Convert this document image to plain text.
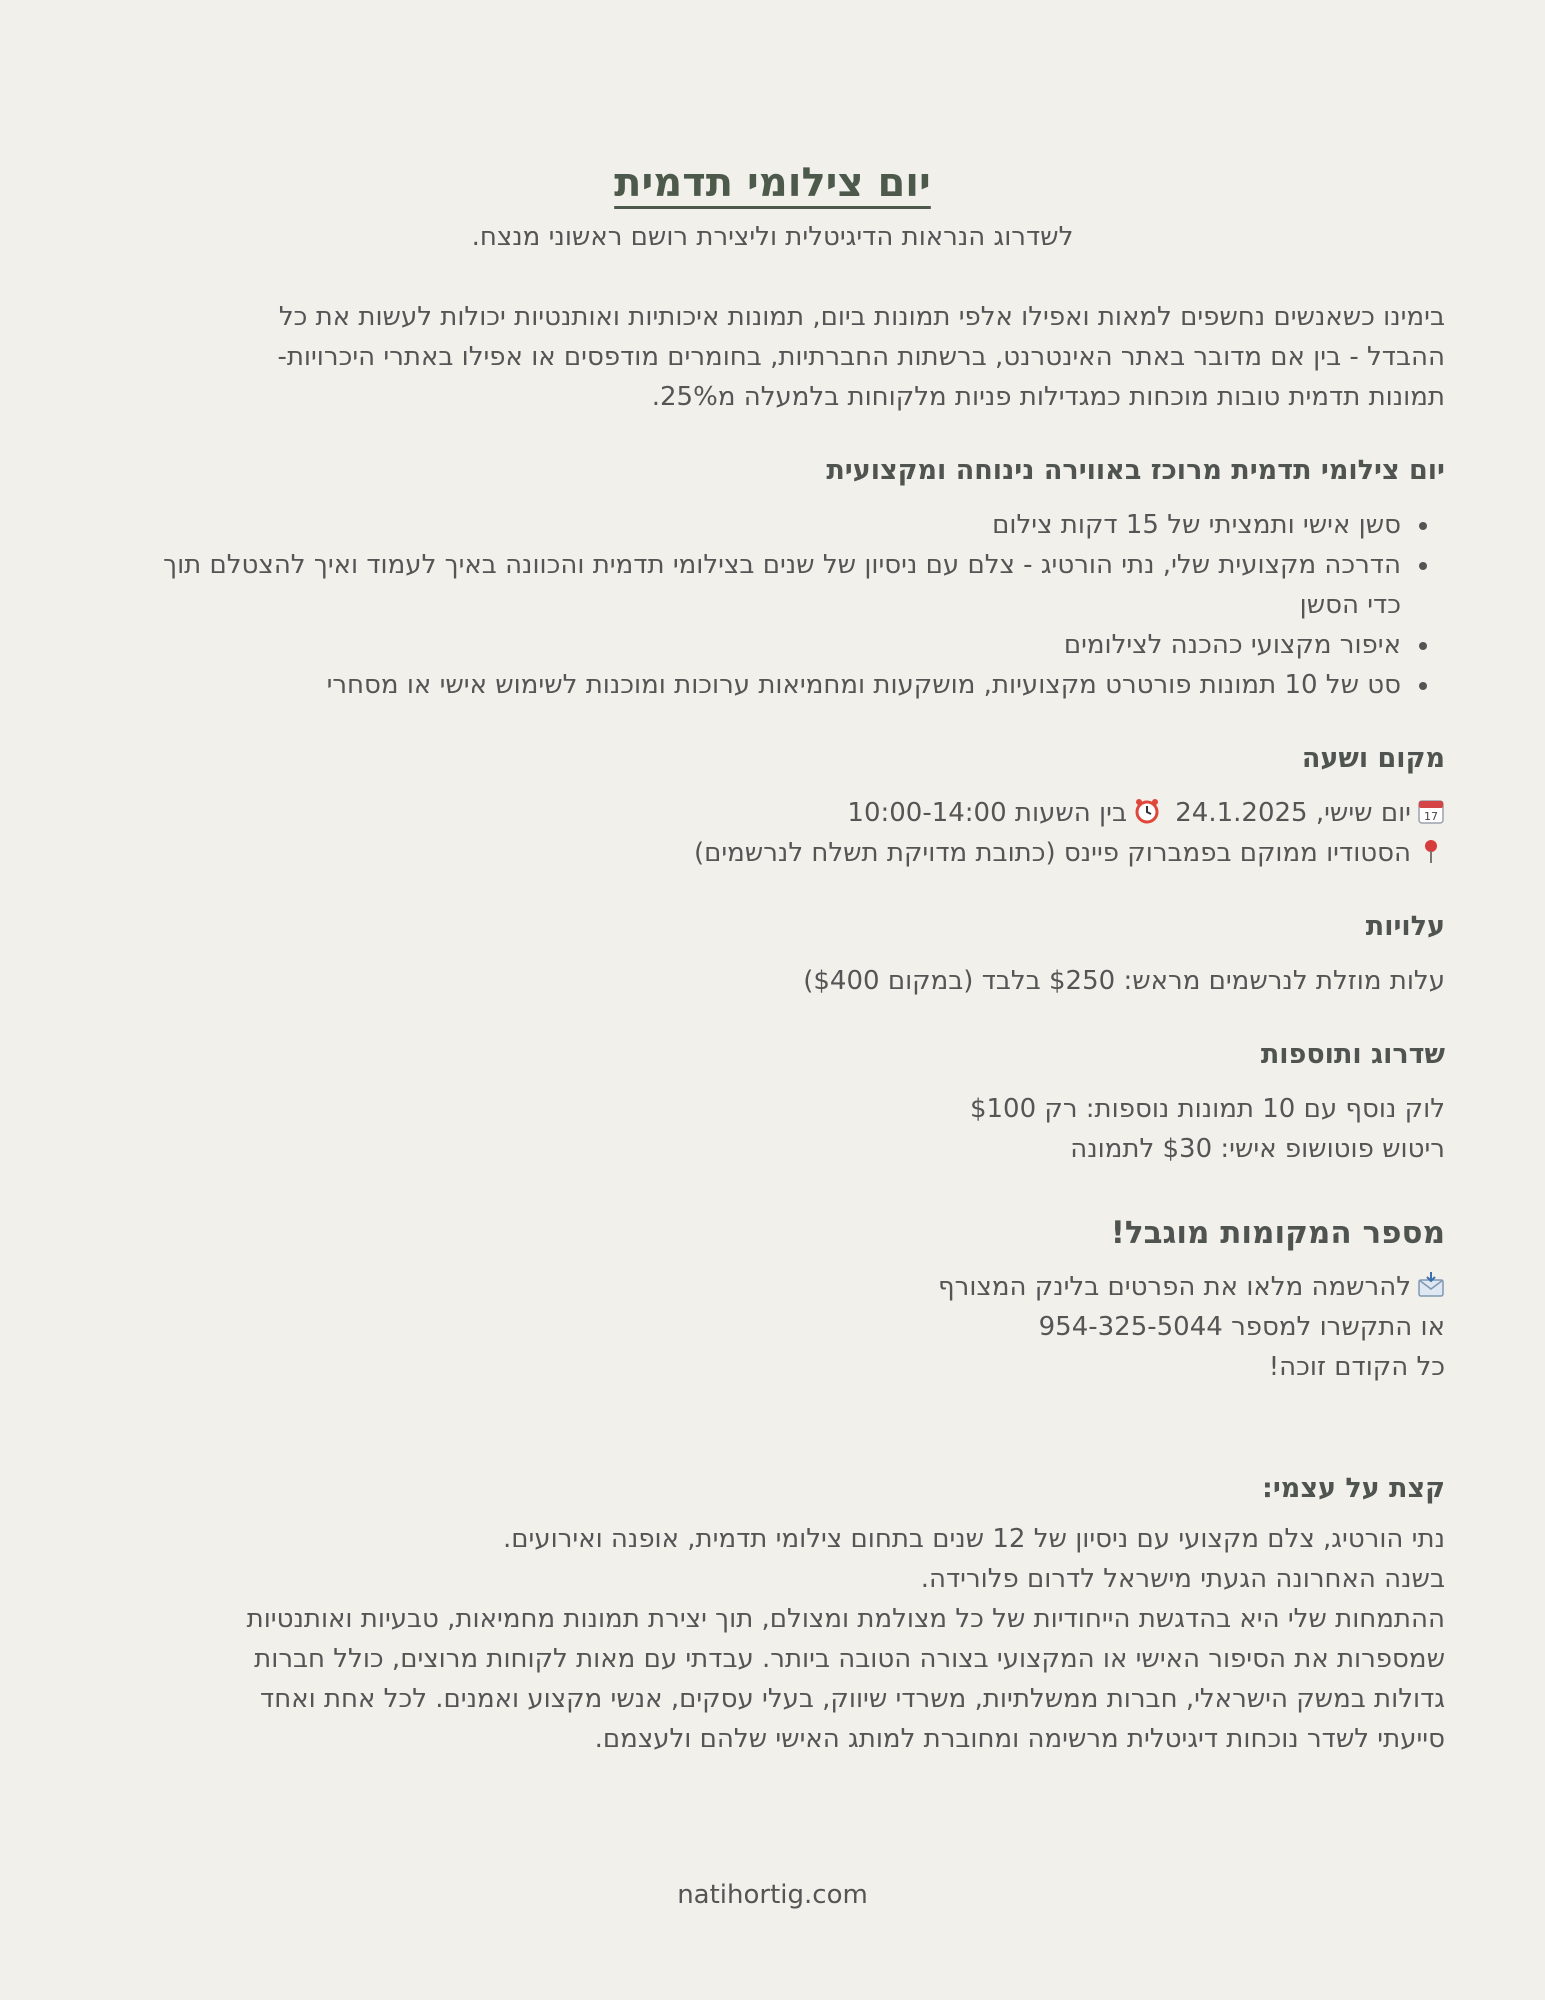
יום צילומי תדמית
לשדרוג הנראות הדיגיטלית וליצירת רושם ראשוני מנצח.
בימינו כשאנשים נחשפים למאות ואפילו אלפי תמונות ביום, תמונות איכותיות ואותנטיות יכולות לעשות את כל
ההבדל - בין אם מדובר באתר האינטרנט, ברשתות החברתיות, בחומרים מודפסים או אפילו באתרי היכרויות-
תמונות תדמית טובות מוכחות כמגדילות פניות מלקוחות בלמעלה מ25%.
יום צילומי תדמית מרוכז באווירה נינוחה ומקצועית
• סשן אישי ותמציתי של 15 דקות צילום
• הדרכה מקצועית שלי, נתי הורטיג - צלם עם ניסיון של שנים בצילומי תדמית והכוונה באיך לעמוד ואיך להצטלם תוך כדי הסשן
• איפור מקצועי כהכנה לצילומים
• סט של 10 תמונות פורטרט מקצועיות, מושקעות ומחמיאות ערוכות ומוכנות לשימוש אישי או מסחרי
מקום ושעה
17
יום שישי, 24.1.2025 בין השעות 10:00-14:00
הסטודיו ממוקם בפמברוק פיינס (כתובת מדויקת תשלח לנרשמים)
עלויות
עלות מוזלת לנרשמים מראש: $250 בלבד (במקום $400)
שדרוג ותוספות
לוק נוסף עם 10 תמונות נוספות: רק $100
ריטוש פוטושופ אישי: $30 לתמונה
מספר המקומות מוגבל!
להרשמה מלאו את הפרטים בלינק המצורף
או התקשרו למספר 954-325-5044
כל הקודם זוכה!
קצת על עצמי:
נתי הורטיג, צלם מקצועי עם ניסיון של 12 שנים בתחום צילומי תדמית, אופנה ואירועים.
בשנה האחרונה הגעתי מישראל לדרום פלורידה.
ההתמחות שלי היא בהדגשת הייחודיות של כל מצולמת ומצולם, תוך יצירת תמונות מחמיאות, טבעיות ואותנטיות
שמספרות את הסיפור האישי או המקצועי בצורה הטובה ביותר. עבדתי עם מאות לקוחות מרוצים, כולל חברות
גדולות במשק הישראלי, חברות ממשלתיות, משרדי שיווק, בעלי עסקים, אנשי מקצוע ואמנים. לכל אחת ואחד
סייעתי לשדר נוכחות דיגיטלית מרשימה ומחוברת למותג האישי שלהם ולעצמם.
natihortig.com
